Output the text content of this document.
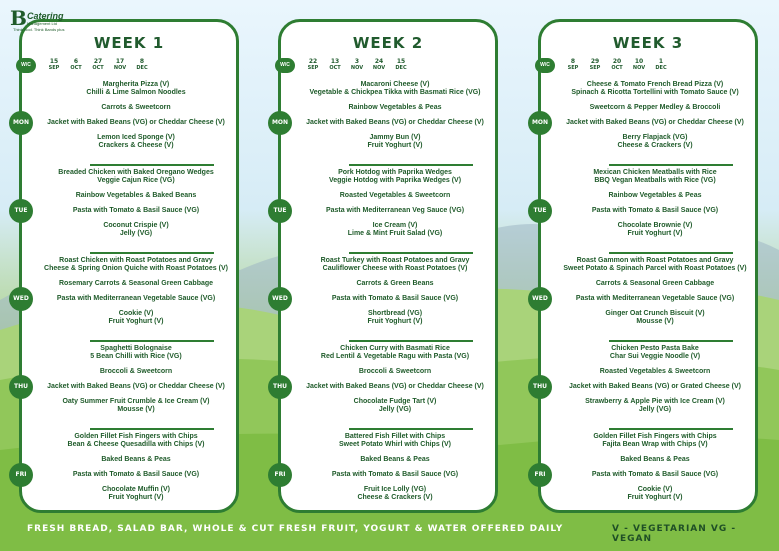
B Catering
Management Ltd
Think food. Think Bands plus
WEEK 1
W/C	15
SEP
6
OCT
27
OCT
17
NOV
8
DEC
MON
Margherita Pizza (V)
Chilli & Lime Salmon Noodles
Carrots & Sweetcorn
Jacket with Baked Beans (VG) or Cheddar Cheese (V)
Lemon Iced Sponge (V)
Crackers & Cheese (V)
TUE
Breaded Chicken with Baked Oregano Wedges
Veggie Cajun Rice (VG)
Rainbow Vegetables & Baked Beans
Pasta with Tomato & Basil Sauce (VG)
Coconut Crispie (V)
Jelly (VG)
WED
Roast Chicken with Roast Potatoes and Gravy
Cheese & Spring Onion Quiche with Roast Potatoes (V)
Rosemary Carrots & Seasonal Green Cabbage
Pasta with Mediterranean Vegetable Sauce (VG)
Cookie (V)
Fruit Yoghurt (V)
THU
Spaghetti Bolognaise
5 Bean Chilli with Rice (VG)
Broccoli & Sweetcorn
Jacket with Baked Beans (VG) or Cheddar Cheese (V)
Oaty Summer Fruit Crumble & Ice Cream (V)
Mousse (V)
FRI
Golden Fillet Fish Fingers with Chips
Bean & Cheese Quesadilla with Chips (V)
Baked Beans & Peas
Pasta with Tomato & Basil Sauce (VG)
Chocolate Muffin (V)
Fruit Yoghurt (V)
WEEK 2
W/C	22
SEP
13
OCT
3
NOV
24
NOV
15
DEC
MON
Macaroni Cheese (V)
Vegetable & Chickpea Tikka with Basmati Rice (VG)
Rainbow Vegetables & Peas
Jacket with Baked Beans (VG) or Cheddar Cheese (V)
Jammy Bun (V)
Fruit Yoghurt (V)
TUE
Pork Hotdog with Paprika Wedges
Veggie Hotdog with Paprika Wedges (V)
Roasted Vegetables & Sweetcorn
Pasta with Mediterranean Veg Sauce (VG)
Ice Cream (V)
Lime & Mint Fruit Salad (VG)
WED
Roast Turkey with Roast Potatoes and Gravy
Cauliflower Cheese with Roast Potatoes (V)
Carrots & Green Beans
Pasta with Tomato & Basil Sauce (VG)
Shortbread (VG)
Fruit Yoghurt (V)
THU
Chicken Curry with Basmati Rice
Red Lentil & Vegetable Ragu with Pasta (VG)
Broccoli & Sweetcorn
Jacket with Baked Beans (VG) or Cheddar Cheese (V)
Chocolate Fudge Tart (V)
Jelly (VG)
FRI
Battered Fish Fillet with Chips
Sweet Potato Whirl with Chips (V)
Baked Beans & Peas
Pasta with Tomato & Basil Sauce (VG)
Fruit Ice Lolly (VG)
Cheese & Crackers (V)
WEEK 3
W/C	8
SEP
29
SEP
20
OCT
10
NOV
1
DEC
MON
Cheese & Tomato French Bread Pizza (V)
Spinach & Ricotta Tortellini with Tomato Sauce (V)
Sweetcorn & Pepper Medley & Broccoli
Jacket with Baked Beans (VG) or Cheddar Cheese (V)
Berry Flapjack (VG)
Cheese & Crackers (V)
TUE
Mexican Chicken Meatballs with Rice
BBQ Vegan Meatballs with Rice (VG)
Rainbow Vegetables & Peas
Pasta with Tomato & Basil Sauce (VG)
Chocolate Brownie (V)
Fruit Yoghurt (V)
WED
Roast Gammon with Roast Potatoes and Gravy
Sweet Potato & Spinach Parcel with Roast Potatoes (V)
Carrots & Seasonal Green Cabbage
Pasta with Mediterranean Vegetable Sauce (VG)
Ginger Oat Crunch Biscuit (V)
Mousse (V)
THU
Chicken Pesto Pasta Bake
Char Sui Veggie Noodle (V)
Roasted Vegetables & Sweetcorn
Jacket with Baked Beans (VG) or Grated Cheese (V)
Strawberry & Apple Pie with Ice Cream (V)
Jelly (VG)
FRI
Golden Fillet Fish Fingers with Chips
Fajita Bean Wrap with Chips (V)
Baked Beans & Peas
Pasta with Tomato & Basil Sauce (VG)
Cookie (V)
Fruit Yoghurt (V)
FRESH BREAD, SALAD BAR, WHOLE & CUT FRESH FRUIT, YOGURT & WATER OFFERED DAILY	V - VEGETARIAN VG - VEGAN
